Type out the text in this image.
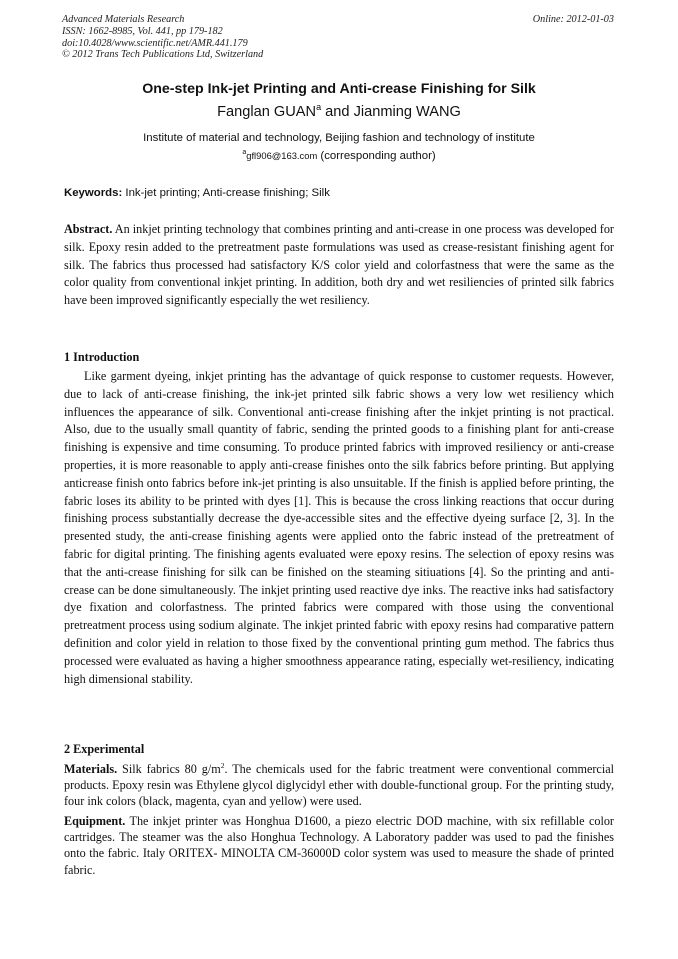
Advanced Materials Research
ISSN: 1662-8985, Vol. 441, pp 179-182
doi:10.4028/www.scientific.net/AMR.441.179
© 2012 Trans Tech Publications Ltd, Switzerland
Online: 2012-01-03
One-step Ink-jet Printing and Anti-crease Finishing for Silk
Fanglan GUAN$^a$ and Jianming WANG
Institute of material and technology, Beijing fashion and technology of institute
$^a$gfl906@163.com (corresponding author)
Keywords: Ink-jet printing; Anti-crease finishing; Silk
Abstract. An inkjet printing technology that combines printing and anti-crease in one process was developed for silk. Epoxy resin added to the pretreatment paste formulations was used as crease-resistant finishing agent for silk. The fabrics thus processed had satisfactory K/S color yield and colorfastness that were the same as the color quality from conventional inkjet printing. In addition, both dry and wet resiliencies of printed silk fabrics have been improved significantly especially the wet resiliency.
1 Introduction
Like garment dyeing, inkjet printing has the advantage of quick response to customer requests. However, due to lack of anti-crease finishing, the ink-jet printed silk fabric shows a very low wet resiliency which influences the appearance of silk. Conventional anti-crease finishing after the inkjet printing is not practical. Also, due to the usually small quantity of fabric, sending the printed goods to a finishing plant for anti-crease finishing is expensive and time consuming. To produce printed fabrics with improved resiliency or anti-crease properties, it is more reasonable to apply anti-crease finishes onto the silk fabrics before printing. But applying anticrease finish onto fabrics before ink-jet printing is also unsuitable. If the finish is applied before printing, the fabric loses its ability to be printed with dyes [1]. This is because the cross linking reactions that occur during finishing process substantially decrease the dye-accessible sites and the effective dyeing surface [2, 3]. In the presented study, the anti-crease finishing agents were applied onto the fabric instead of the pretreatment of fabric for digital printing. The finishing agents evaluated were epoxy resins. The selection of epoxy resins was that the anti-crease finishing for silk can be finished on the steaming sitiuations [4]. So the printing and anti-crease can be done simultaneously. The inkjet printing used reactive dye inks. The reactive inks had satisfactory dye fixation and colorfastness. The printed fabrics were compared with those using the conventional pretreatment process using sodium alginate. The inkjet printed fabric with epoxy resins had comparative pattern definition and color yield in relation to those fixed by the conventional printing gum method. The fabrics thus processed were evaluated as having a higher smoothness appearance rating, especially wet-resiliency, indicating high dimensional stability.
2 Experimental
Materials. Silk fabrics 80 $g/m^2$. The chemicals used for the fabric treatment were conventional commercial products. Epoxy resin was Ethylene glycol diglycidyl ether with double-functional group. For the printing study, four ink colors (black, magenta, cyan and yellow) were used.
Equipment. The inkjet printer was Honghua D1600, a piezo electric DOD machine, with six refillable color cartridges. The steamer was the also Honghua Technology. A Laboratory padder was used to pad the finishes onto the fabric. Italy ORITEX- MINOLTA CM-36000D color system was used to measure the shade of printed fabric.
